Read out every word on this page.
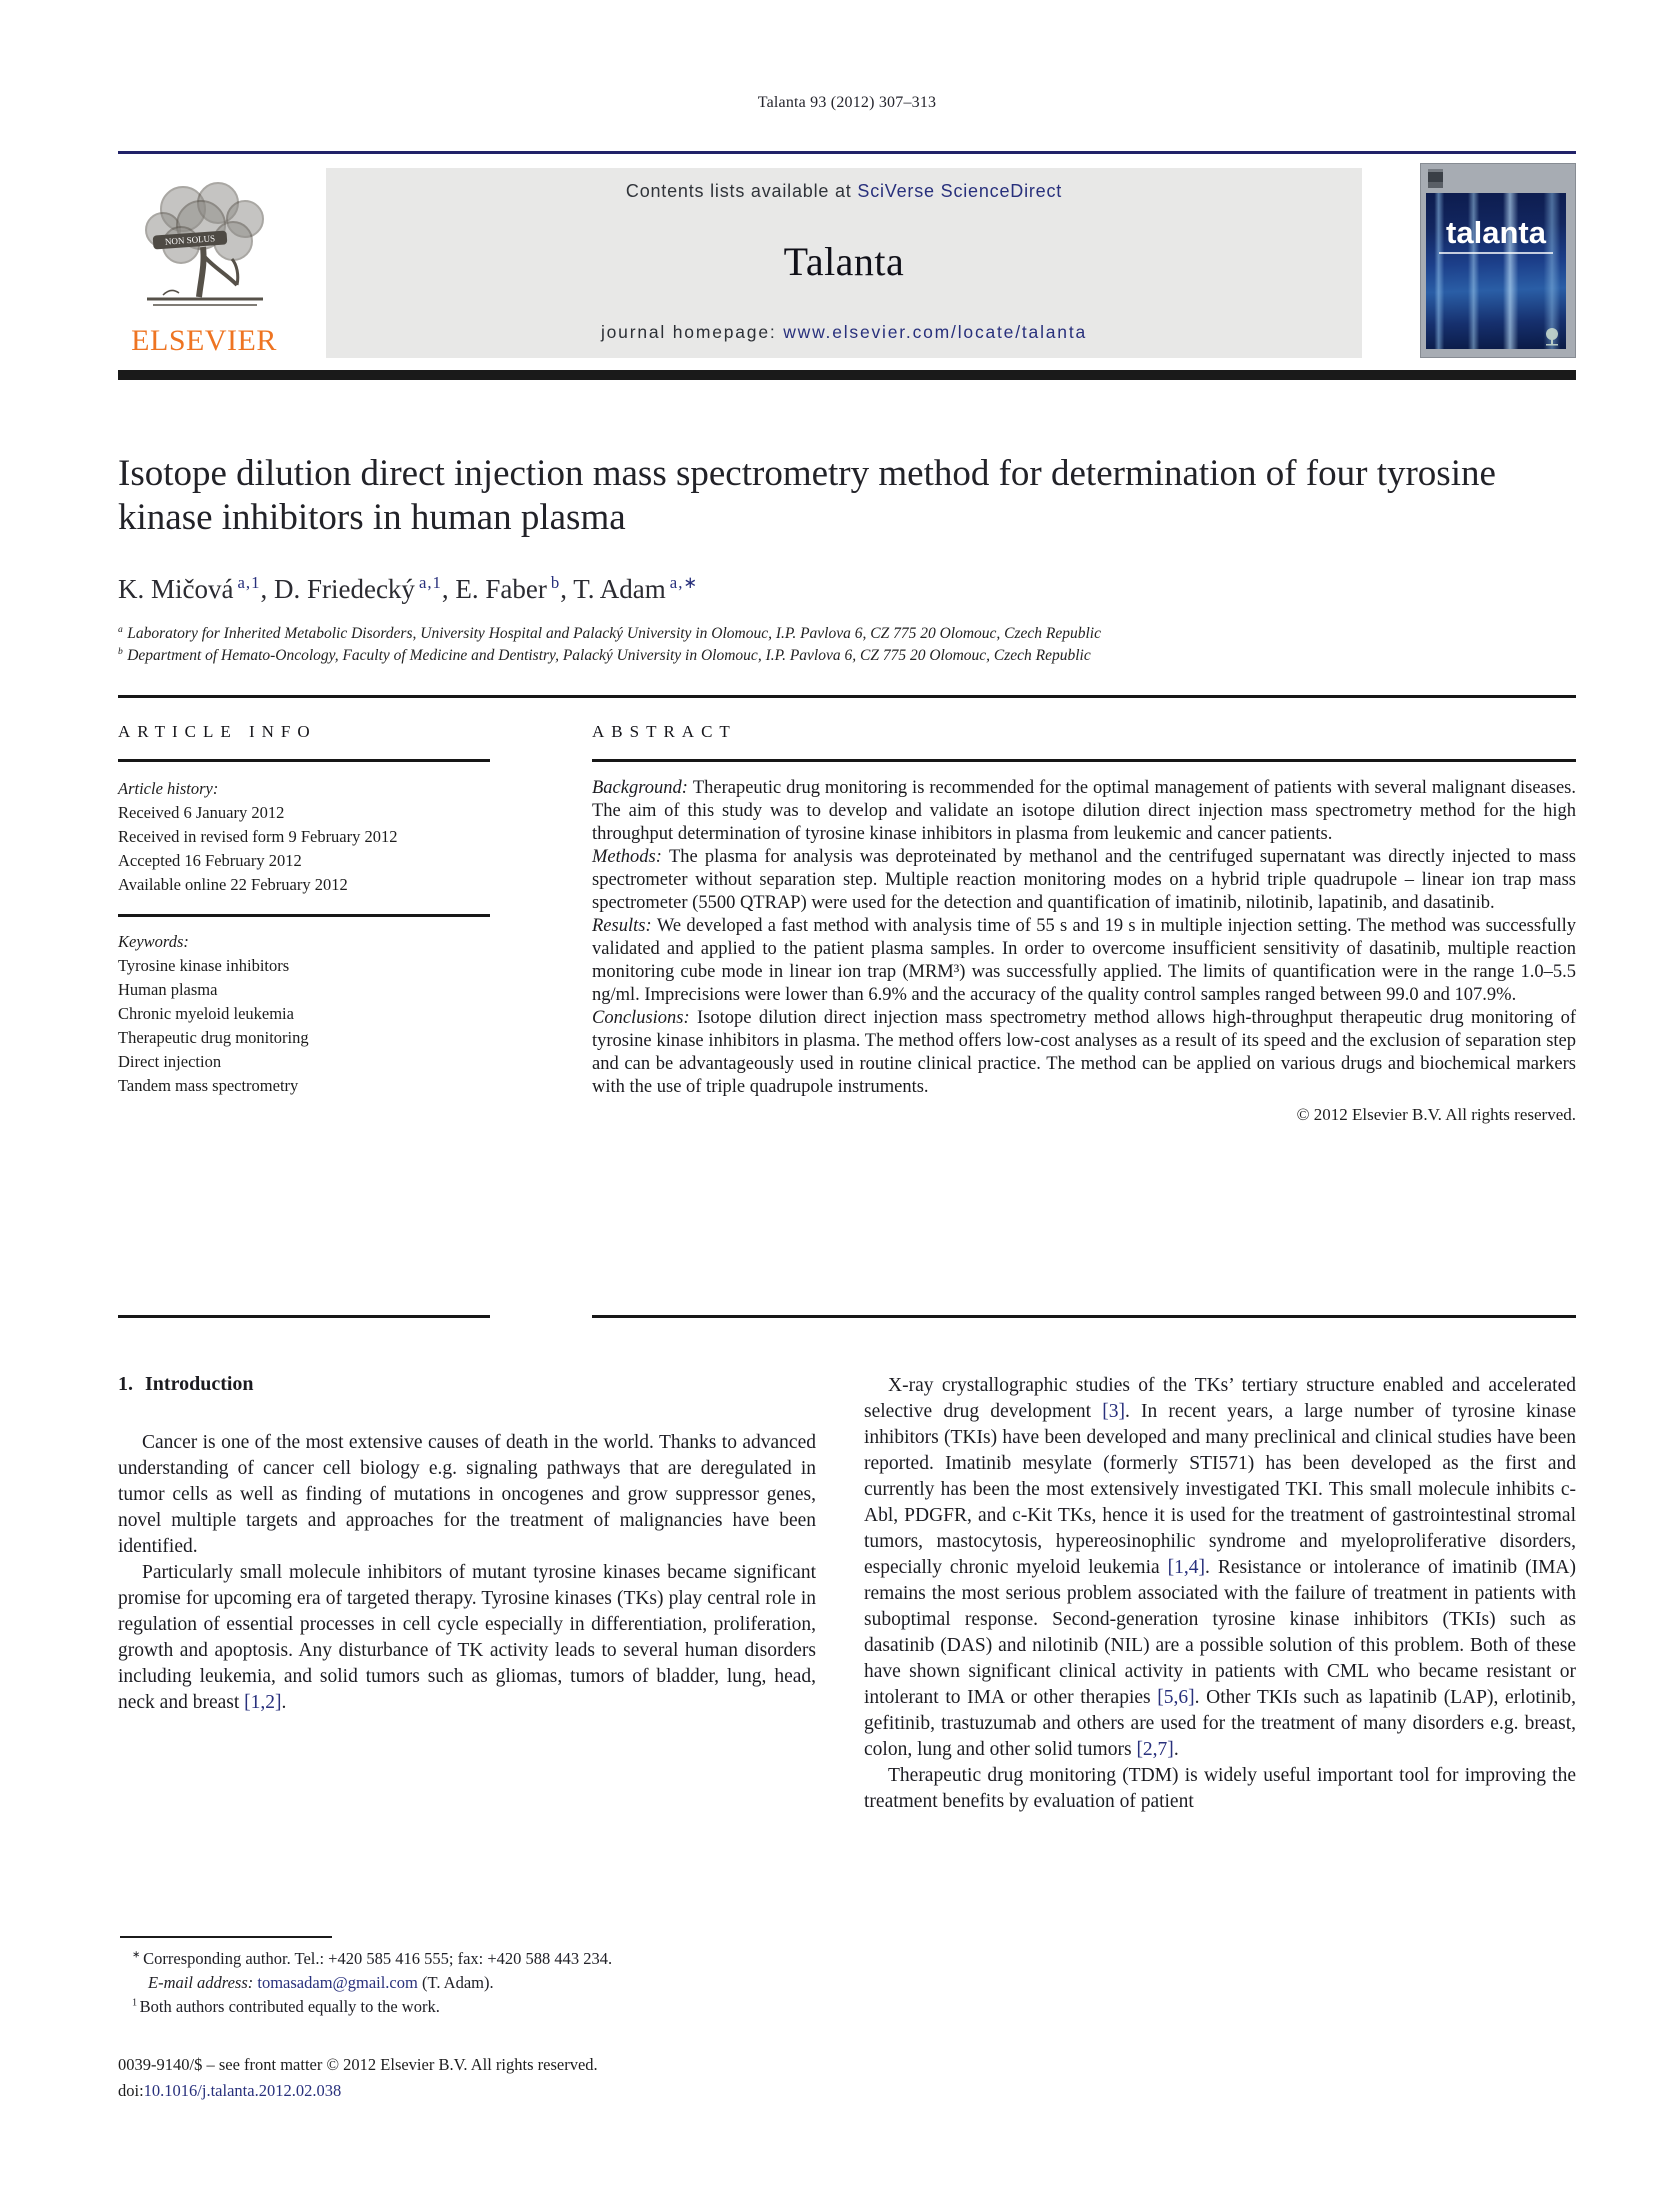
Talanta 93 (2012) 307–313
NON SOLUS
ELSEVIER
Contents lists available at SciVerse ScienceDirect
Talanta
journal homepage: www.elsevier.com/locate/talanta
talanta
Isotope dilution direct injection mass spectrometry method for determination of four tyrosine kinase inhibitors in human plasma
K. Mičová $^{a,1}$, D. Friedecký $^{a,1}$, E. Faber $^b$, T. Adam $^{a,∗}$
$^a$ Laboratory for Inherited Metabolic Disorders, University Hospital and Palacký University in Olomouc, I.P. Pavlova 6, CZ 775 20 Olomouc, Czech Republic
$^b$ Department of Hemato-Oncology, Faculty of Medicine and Dentistry, Palacký University in Olomouc, I.P. Pavlova 6, CZ 775 20 Olomouc, Czech Republic
ARTICLE INFO
Article history:
Received 6 January 2012
Received in revised form 9 February 2012
Accepted 16 February 2012
Available online 22 February 2012
Keywords:
Tyrosine kinase inhibitors
Human plasma
Chronic myeloid leukemia
Therapeutic drug monitoring
Direct injection
Tandem mass spectrometry
ABSTRACT
Background: Therapeutic drug monitoring is recommended for the optimal management of patients with several malignant diseases. The aim of this study was to develop and validate an isotope dilution direct injection mass spectrometry method for the high throughput determination of tyrosine kinase inhibitors in plasma from leukemic and cancer patients.
Methods: The plasma for analysis was deproteinated by methanol and the centrifuged supernatant was directly injected to mass spectrometer without separation step. Multiple reaction monitoring modes on a hybrid triple quadrupole – linear ion trap mass spectrometer (5500 QTRAP) were used for the detection and quantification of imatinib, nilotinib, lapatinib, and dasatinib.
Results: We developed a fast method with analysis time of 55 s and 19 s in multiple injection setting. The method was successfully validated and applied to the patient plasma samples. In order to overcome insufficient sensitivity of dasatinib, multiple reaction monitoring cube mode in linear ion trap (MRM³) was successfully applied. The limits of quantification were in the range 1.0–5.5 ng/ml. Imprecisions were lower than 6.9% and the accuracy of the quality control samples ranged between 99.0 and 107.9%.
Conclusions: Isotope dilution direct injection mass spectrometry method allows high-throughput therapeutic drug monitoring of tyrosine kinase inhibitors in plasma. The method offers low-cost analyses as a result of its speed and the exclusion of separation step and can be advantageously used in routine clinical practice. The method can be applied on various drugs and biochemical markers with the use of triple quadrupole instruments.
© 2012 Elsevier B.V. All rights reserved.
1. Introduction
Cancer is one of the most extensive causes of death in the world. Thanks to advanced understanding of cancer cell biology e.g. signaling pathways that are deregulated in tumor cells as well as finding of mutations in oncogenes and grow suppressor genes, novel multiple targets and approaches for the treatment of malignancies have been identified.
Particularly small molecule inhibitors of mutant tyrosine kinases became significant promise for upcoming era of targeted therapy. Tyrosine kinases (TKs) play central role in regulation of essential processes in cell cycle especially in differentiation, proliferation, growth and apoptosis. Any disturbance of TK activity leads to several human disorders including leukemia, and solid tumors such as gliomas, tumors of bladder, lung, head, neck and breast [1,2].
∗ Corresponding author. Tel.: +420 585 416 555; fax: +420 588 443 234.
E-mail address: tomasadam@gmail.com (T. Adam).
$^1$ Both authors contributed equally to the work.
0039-9140/$ – see front matter © 2012 Elsevier B.V. All rights reserved.
doi:10.1016/j.talanta.2012.02.038
X-ray crystallographic studies of the TKs’ tertiary structure enabled and accelerated selective drug development [3]. In recent years, a large number of tyrosine kinase inhibitors (TKIs) have been developed and many preclinical and clinical studies have been reported. Imatinib mesylate (formerly STI571) has been developed as the first and currently has been the most extensively investigated TKI. This small molecule inhibits c-Abl, PDGFR, and c-Kit TKs, hence it is used for the treatment of gastrointestinal stromal tumors, mastocytosis, hypereosinophilic syndrome and myeloproliferative disorders, especially chronic myeloid leukemia [1,4]. Resistance or intolerance of imatinib (IMA) remains the most serious problem associated with the failure of treatment in patients with suboptimal response. Second-generation tyrosine kinase inhibitors (TKIs) such as dasatinib (DAS) and nilotinib (NIL) are a possible solution of this problem. Both of these have shown significant clinical activity in patients with CML who became resistant or intolerant to IMA or other therapies [5,6]. Other TKIs such as lapatinib (LAP), erlotinib, gefitinib, trastuzumab and others are used for the treatment of many disorders e.g. breast, colon, lung and other solid tumors [2,7].
Therapeutic drug monitoring (TDM) is widely useful important tool for improving the treatment benefits by evaluation of patient
